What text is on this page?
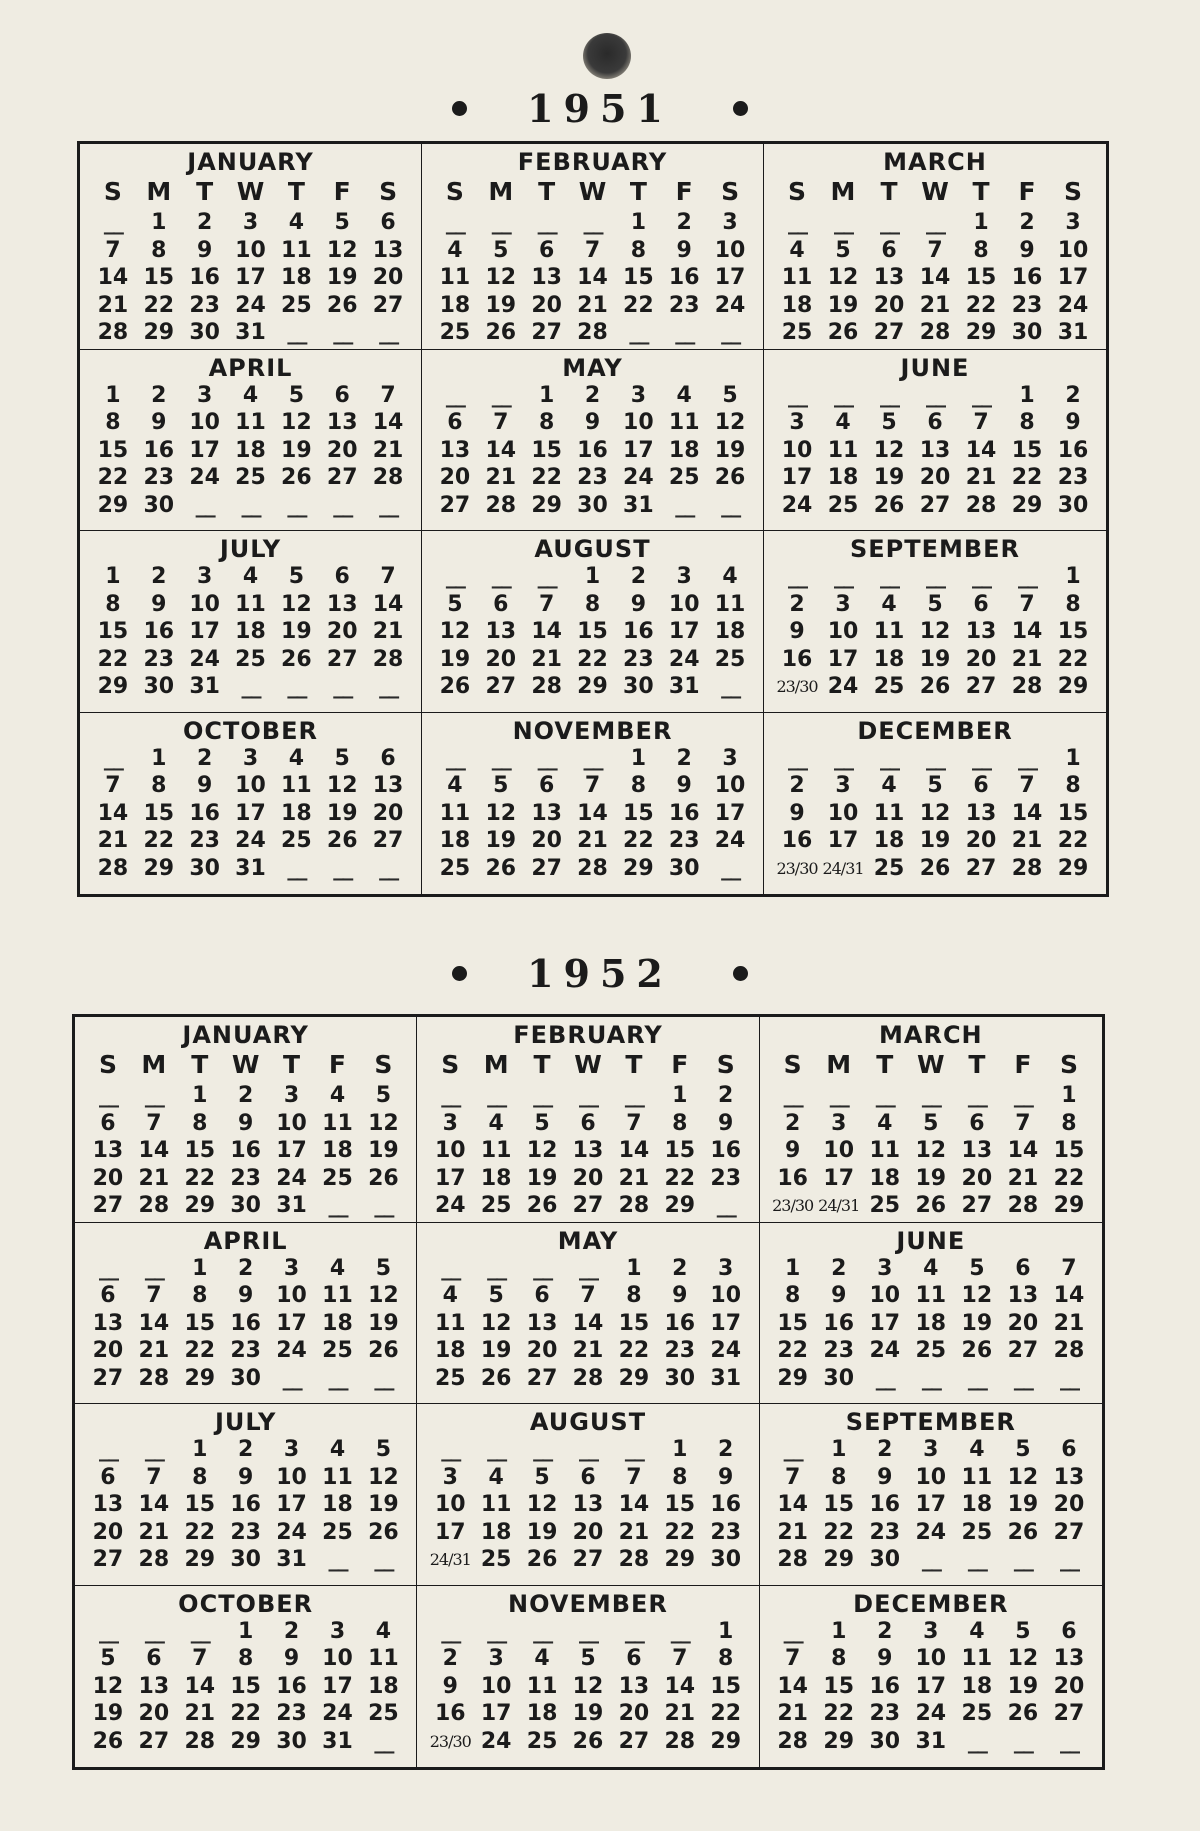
1951
JANUARY
S M T W T	F	S
__	1	2	3	4	5	6
7	8	9	10 11 12 13
14 15 16 17 18 19 20
21 22 23 24 25 26 27
28 29 30 31 __	__	__
FEBRUARY
S M T W T	F	S
__	__	__	__	1	2	3
4	5	6	7	8	9	10
11 12 13 14 15 16 17
18 19 20 21 22 23 24
25 26 27 28 __	__	__
MARCH
S M	T W T	F	S
__	__	__	__	1	2	3
4	5	6	7	8	9	10
11 12 13 14 15 16 17
18 19 20 21 22 23 24
25 26 27 28 29 30 31
APRIL
1	2	3	4	5	6	7
8	9	10 11 12 13 14
15 16 17 18 19 20 21
22 23 24 25 26 27 28
29 30 __	__	__	__	__
MAY
__	__	1	2	3	4	5
6	7	8	9	10 11 12
13 14 15 16 17 18 19
20 21 22 23 24 25 26
27 28 29 30 31 __	__
JUNE
__	__	__	__	__	1	2
3	4	5	6	7	8	9
10 11 12 13 14 15 16
17 18 19 20 21 22 23
24 25 26 27 28 29 30
JULY
1	2	3	4	5	6	7
8	9	10 11 12 13 14
15 16 17 18 19 20 21
22 23 24 25 26 27 28
29 30 31 __	__	__	__
AUGUST
__	__	__	1	2	3	4
5	6	7	8	9	10 11
12 13 14 15 16 17 18
19 20 21 22 23 24 25
26 27 28 29 30 31 __
SEPTEMBER
__	__	__	__	__	__	1
2	3	4	5	6	7	8
9	10 11 12 13 14 15
16 17 18 19 20 21 22
23/30 24 25 26 27 28 29
OCTOBER
__	1	2	3	4	5	6
7	8	9	10 11 12 13
14 15 16 17 18 19 20
21 22 23 24 25 26 27
28 29 30 31 __	__	__
NOVEMBER
__	__	__	__	1	2	3
4	5	6	7	8	9	10
11 12 13 14 15 16 17
18 19 20 21 22 23 24
25 26 27 28 29 30 __
DECEMBER
__	__	__	__	__	__	1
2	3	4	5	6	7	8
9	10 11 12 13 14 15
16 17 18 19 20 21 22
23/30 24/31 25 26 27 28 29
1952
JANUARY
S M T W T	F	S
__	__	1	2	3	4	5
6	7	8	9	10 11 12
13 14 15 16 17 18 19
20 21 22 23 24 25 26
27 28 29 30 31 __	__
FEBRUARY
S M T W T	F	S
__	__	__	__	__	1	2
3	4	5	6	7	8	9
10 11 12 13 14 15 16
17 18 19 20 21 22 23
24 25 26 27 28 29 __
MARCH
S M	T W T	F	S
__	__	__	__	__	__	1
2	3	4	5	6	7	8
9	10 11 12 13 14 15
16 17 18 19 20 21 22
23/30 24/31 25 26 27 28 29
APRIL
__	__	1	2	3	4	5
6	7	8	9	10 11 12
13 14 15 16 17 18 19
20 21 22 23 24 25 26
27 28 29 30 __	__	__
MAY
__	__	__	__	1	2	3
4	5	6	7	8	9	10
11 12 13 14 15 16 17
18 19 20 21 22 23 24
25 26 27 28 29 30 31
JUNE
1	2	3	4	5	6	7
8	9	10 11 12 13 14
15 16 17 18 19 20 21
22 23 24 25 26 27 28
29 30 __	__	__	__	__
JULY
__	__	1	2	3	4	5
6	7	8	9	10 11 12
13 14 15 16 17 18 19
20 21 22 23 24 25 26
27 28 29 30 31 __	__
AUGUST
__	__	__	__	__	1	2
3	4	5	6	7	8	9
10 11 12 13 14 15 16
17 18 19 20 21 22 23
24/31 25 26 27 28 29 30
SEPTEMBER
__	1	2	3	4	5	6
7	8	9	10 11 12 13
14 15 16 17 18 19 20
21 22 23 24 25 26 27
28 29 30 __	__	__	__
OCTOBER
__	__	__	1	2	3	4
5	6	7	8	9	10 11
12 13 14 15 16 17 18
19 20 21 22 23 24 25
26 27 28 29 30 31 __
NOVEMBER
__	__	__	__	__	__	1
2	3	4	5	6	7	8
9	10 11 12 13 14 15
16 17 18 19 20 21 22
23/30 24 25 26 27 28 29
DECEMBER
__	1	2	3	4	5	6
7	8	9	10 11 12 13
14 15 16 17 18 19 20
21 22 23 24 25 26 27
28 29 30 31 __	__	__
